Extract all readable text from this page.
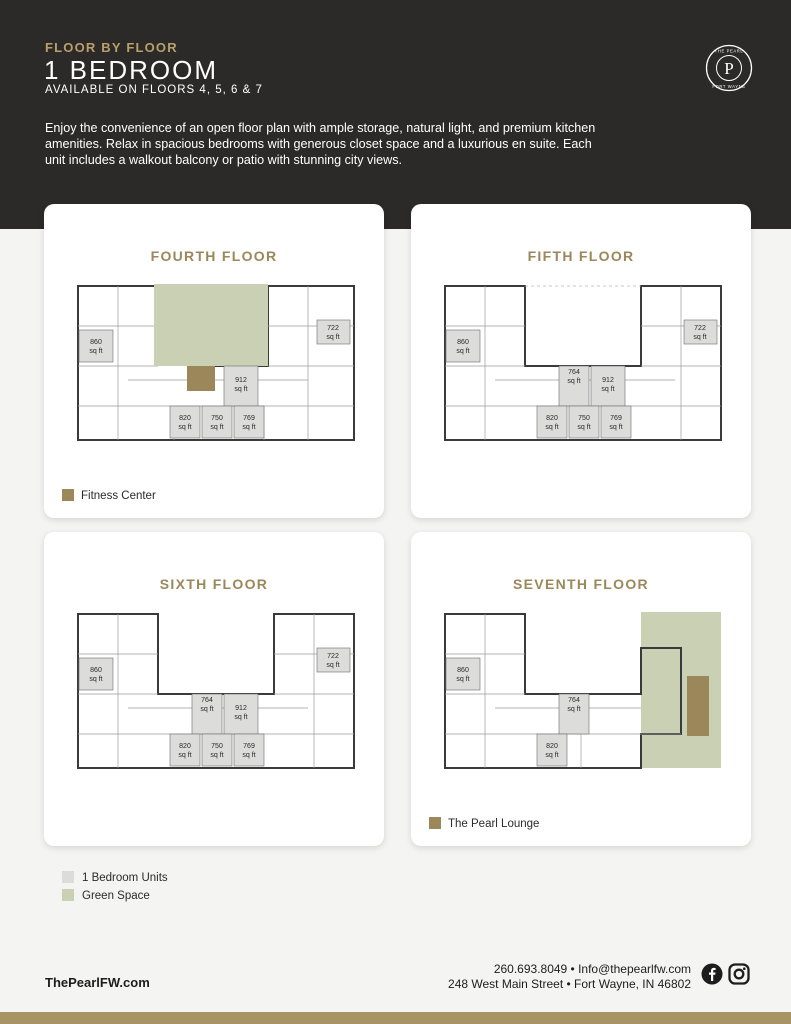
FLOOR BY FLOOR
1 BEDROOM
AVAILABLE ON FLOORS 4, 5, 6 & 7
Enjoy the convenience of an open floor plan with ample storage, natural light, and premium kitchen amenities. Relax in spacious bedrooms with generous closet space and a luxurious en suite. Each unit includes a walkout balcony or patio with stunning city views.
P
THE PEARL
FORT WAYNE
FOURTH FLOOR
860
sq ft
722
sq ft
912
sq ft
820
sq ft
750
sq ft
769
sq ft
Fitness Center
FIFTH FLOOR
860
sq ft
722
sq ft
764
sq ft	912
sq ft
820
sq ft
750
sq ft
769
sq ft
SIXTH FLOOR
860
sq ft
722
sq ft
764
sq ft	912
sq ft
820
sq ft
750
sq ft
769
sq ft
SEVENTH FLOOR
860
sq ft
764
sq ft
820
sq ft
The Pearl Lounge
1 Bedroom Units
Green Space
ThePearlFW.com
260.693.8049 • Info@thepearlfw.com
248 West Main Street • Fort Wayne, IN 46802
